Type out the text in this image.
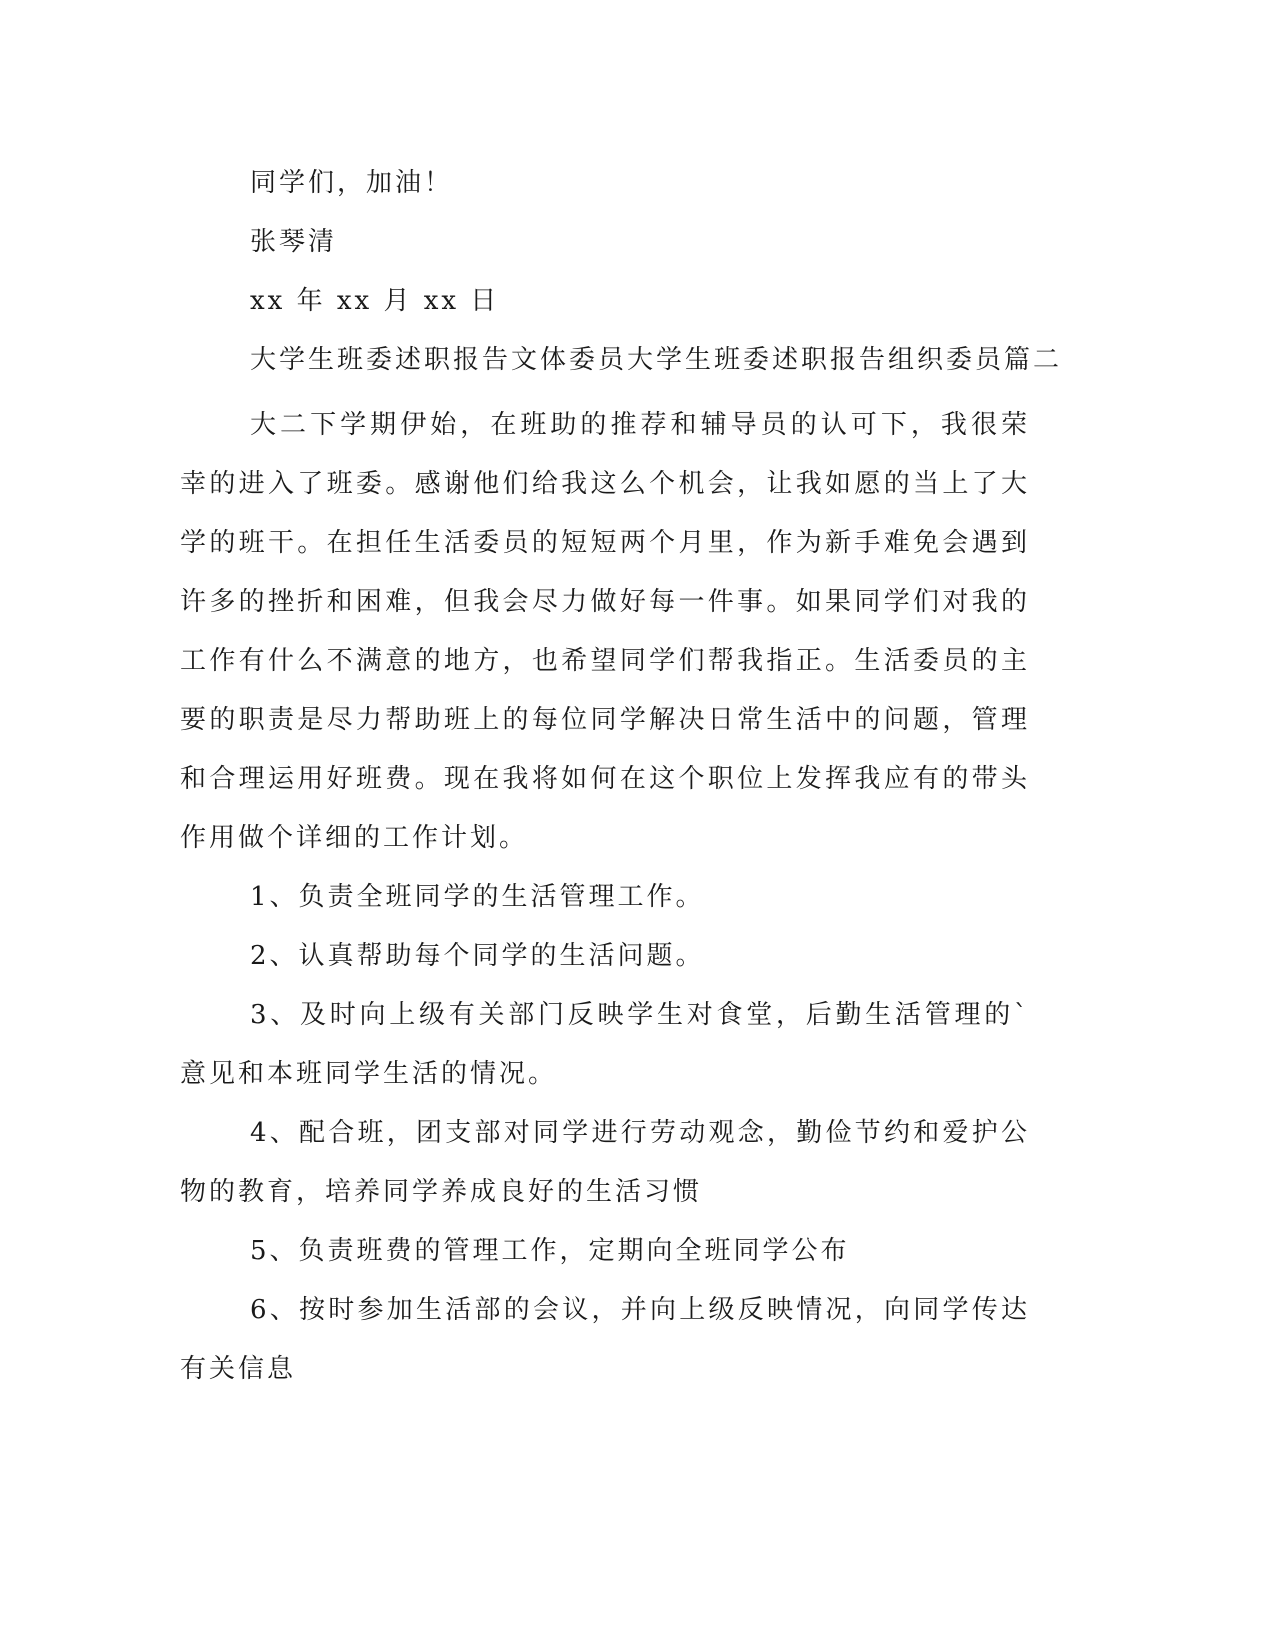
同学们，加油！
张琴清
xx 年 xx 月 xx 日
大学生班委述职报告文体委员大学生班委述职报告组织委员篇二

大二下学期伊始，在班助的推荐和辅导员的认可下，我很荣幸的进入了班委。感谢他们给我这么个机会，让我如愿的当上了大学的班干。在担任生活委员的短短两个月里，作为新手难免会遇到许多的挫折和困难，但我会尽力做好每一件事。如果同学们对我的工作有什么不满意的地方，也希望同学们帮我指正。生活委员的主要的职责是尽力帮助班上的每位同学解决日常生活中的问题，管理和合理运用好班费。现在我将如何在这个职位上发挥我应有的带头作用做个详细的工作计划。

1、负责全班同学的生活管理工作。

2、认真帮助每个同学的生活问题。

3、及时向上级有关部门反映学生对食堂，后勤生活管理的`意见和本班同学生活的情况。

4、配合班，团支部对同学进行劳动观念，勤俭节约和爱护公物的教育，培养同学养成良好的生活习惯

5、负责班费的管理工作，定期向全班同学公布

6、按时参加生活部的会议，并向上级反映情况，向同学传达有关信息
